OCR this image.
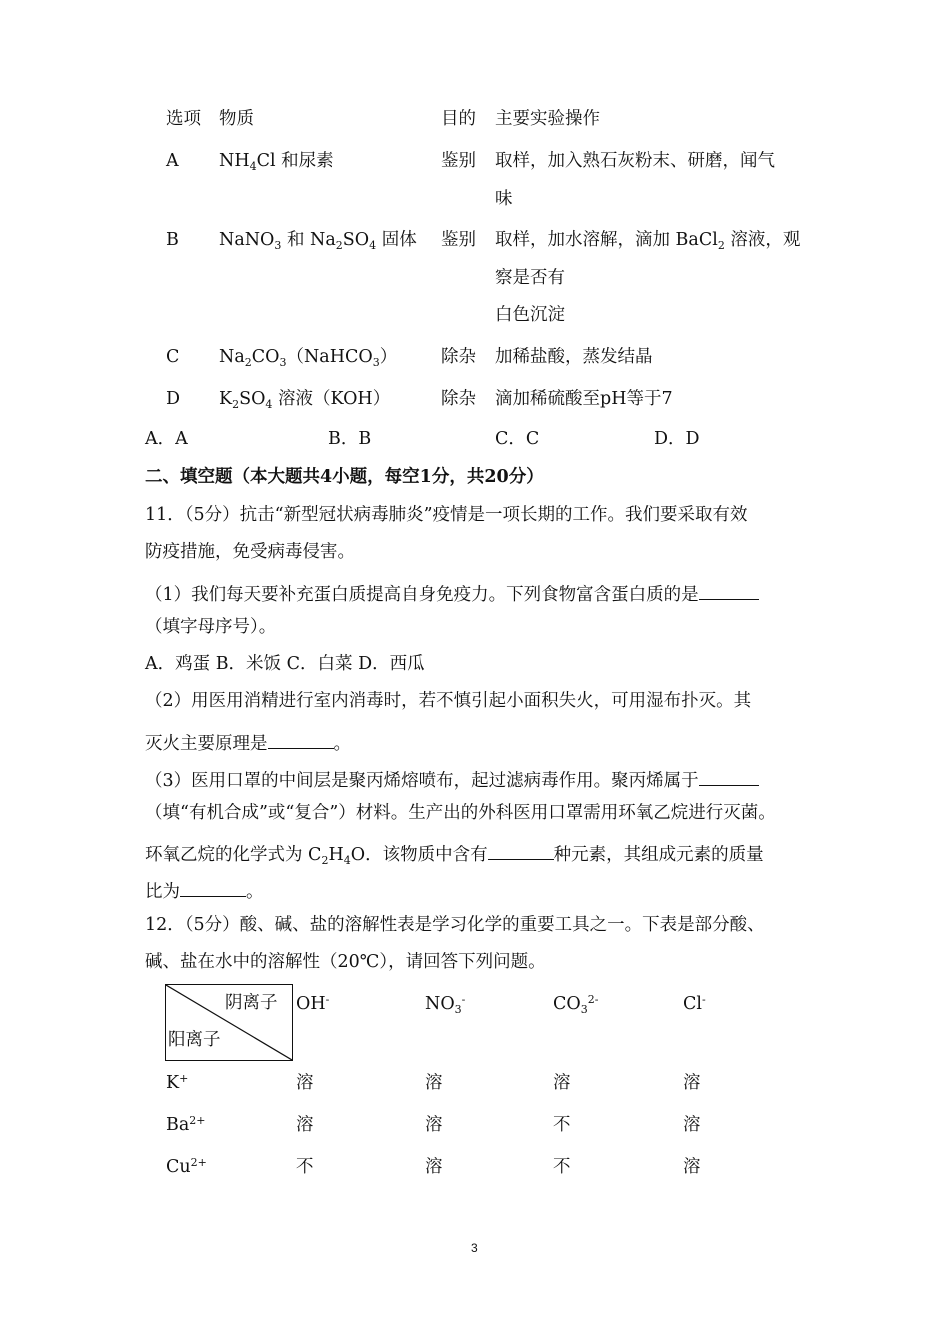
选项 物质	目的 主要实验操作
A $NH_4Cl$ 和尿素	鉴别 取样，加入熟石灰粉末、研磨，闻气
味
B NaNO$_3$ 和 $Na_2SO_4$ 固体 鉴别 取样，加水溶解，滴加 BaCl$_2$ 溶液，观
察是否有
白色沉淀
C $Na_2CO_3(NaHCO_3)$	除杂 加稀盐酸，蒸发结晶
D $K_2SO_4$ 溶液（KOH）	除杂 滴加稀硫酸至pH等于7
A．A	B．B	C．C	D．D
二、填空题（本大题共4小题，每空1分，共20分）
11．（5分）抗击“新型冠状病毒肺炎”疫情是一项长期的工作。我们要采取有效
防疫措施，免受病毒侵害。
（1）我们每天要补充蛋白质提高自身免疫力。下列食物富含蛋白质的是
（填字母序号）。
A．鸡蛋 B．米饭 C．白菜 D．西瓜
（2）用医用消精进行室内消毒时，若不慎引起小面积失火，可用湿布扑灭。其
灭火主要原理是	。
（3）医用口罩的中间层是聚丙烯熔喷布，起过滤病毒作用。聚丙烯属于
（填“有机合成”或“复合”）材料。生产出的外科医用口罩需用环氧乙烷进行灭菌。
环氧乙烷的化学式为 $C_2H_4O$．该物质中含有	种元素，其组成元素的质量
比为	。
12．（5分）酸、碱、盐的溶解性表是学习化学的重要工具之一。下表是部分酸、
碱、盐在水中的溶解性（20℃），请回答下列问题。
阴离子
阳离子
OH-	$NO_3^-$	$CO_3^{2-}$	Cl-
K+	溶	溶	溶	溶
$Ba^{2+}$	溶	溶	不	溶
$Cu^{2+}$	不	溶	不	溶
3
